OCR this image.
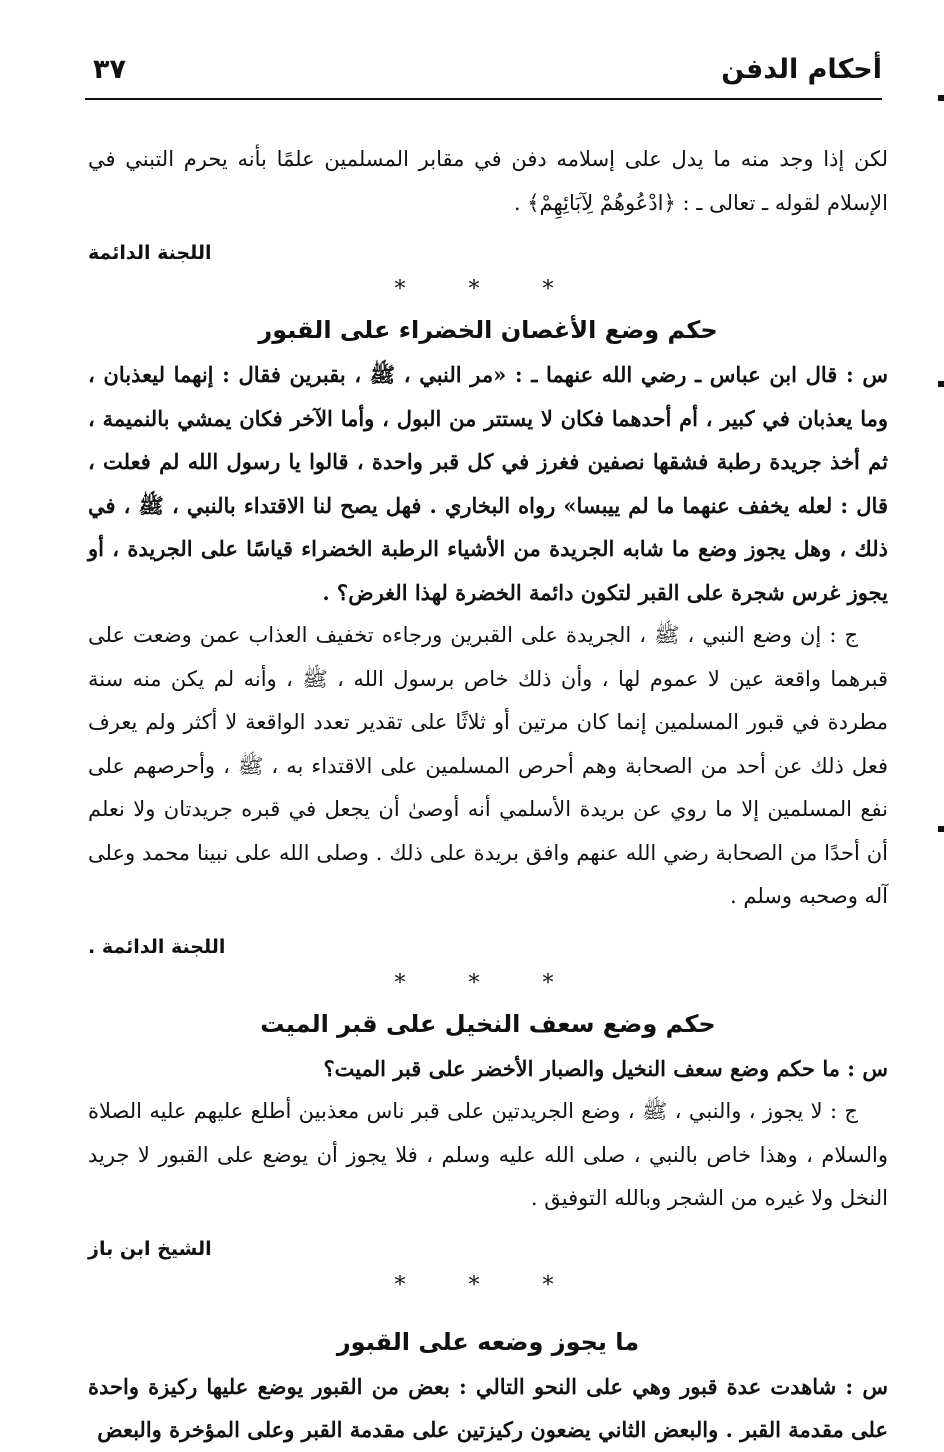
أحكام الدفن
٣٧

لكن إذا وجد منه ما يدل على إسلامه دفن في مقابر المسلمين علمًا بأنه يحرم التبني في الإسلام لقوله ـ تعالى ـ : ﴿ادْعُوهُمْ لِآبَائِهِمْ﴾ .

اللجنة الدائمة
* * *
حكم وضع الأغصان الخضراء على القبور

س : قال ابن عباس ـ رضي الله عنهما ـ : «مر النبي ، ﷺ ، بقبرين فقال : إنهما ليعذبان ، وما يعذبان في كبير ، أم أحدهما فكان لا يستتر من البول ، وأما الآخر فكان يمشي بالنميمة ، ثم أخذ جريدة رطبة فشقها نصفين فغرز في كل قبر واحدة ، قالوا يا رسول الله لم فعلت ، قال : لعله يخفف عنهما ما لم ييبسا» رواه البخاري . فهل يصح لنا الاقتداء بالنبي ، ﷺ ، في ذلك ، وهل يجوز وضع ما شابه الجريدة من الأشياء الرطبة الخضراء قياسًا على الجريدة ، أو يجوز غرس شجرة على القبر لتكون دائمة الخضرة لهذا الغرض؟ .

ج : إن وضع النبي ، ﷺ ، الجريدة على القبرين ورجاءه تخفيف العذاب عمن وضعت على قبرهما واقعة عين لا عموم لها ، وأن ذلك خاص برسول الله ، ﷺ ، وأنه لم يكن منه سنة مطردة في قبور المسلمين إنما كان مرتين أو ثلاثًا على تقدير تعدد الواقعة لا أكثر ولم يعرف فعل ذلك عن أحد من الصحابة وهم أحرص المسلمين على الاقتداء به ، ﷺ ، وأحرصهم على نفع المسلمين إلا ما روي عن بريدة الأسلمي أنه أوصىٰ أن يجعل في قبره جريدتان ولا نعلم أن أحدًا من الصحابة رضي الله عنهم وافق بريدة على ذلك . وصلى الله على نبينا محمد وعلى آله وصحبه وسلم .

اللجنة الدائمة .
* * *
حكم وضع سعف النخيل على قبر الميت

س : ما حكم وضع سعف النخيل والصبار الأخضر على قبر الميت؟

ج : لا يجوز ، والنبي ، ﷺ ، وضع الجريدتين على قبر ناس معذبين أطلع عليهم عليه الصلاة والسلام ، وهذا خاص بالنبي ، صلى الله عليه وسلم ، فلا يجوز أن يوضع على القبور لا جريد النخل ولا غيره من الشجر وبالله التوفيق .

الشيخ ابن باز
* * *
ما يجوز وضعه على القبور

س : شاهدت عدة قبور وهي على النحو التالي : بعض من القبور يوضع عليها ركيزة واحدة على مقدمة القبر . والبعض الثاني يضعون ركيزتين على مقدمة القبر وعلى المؤخرة والبعض
